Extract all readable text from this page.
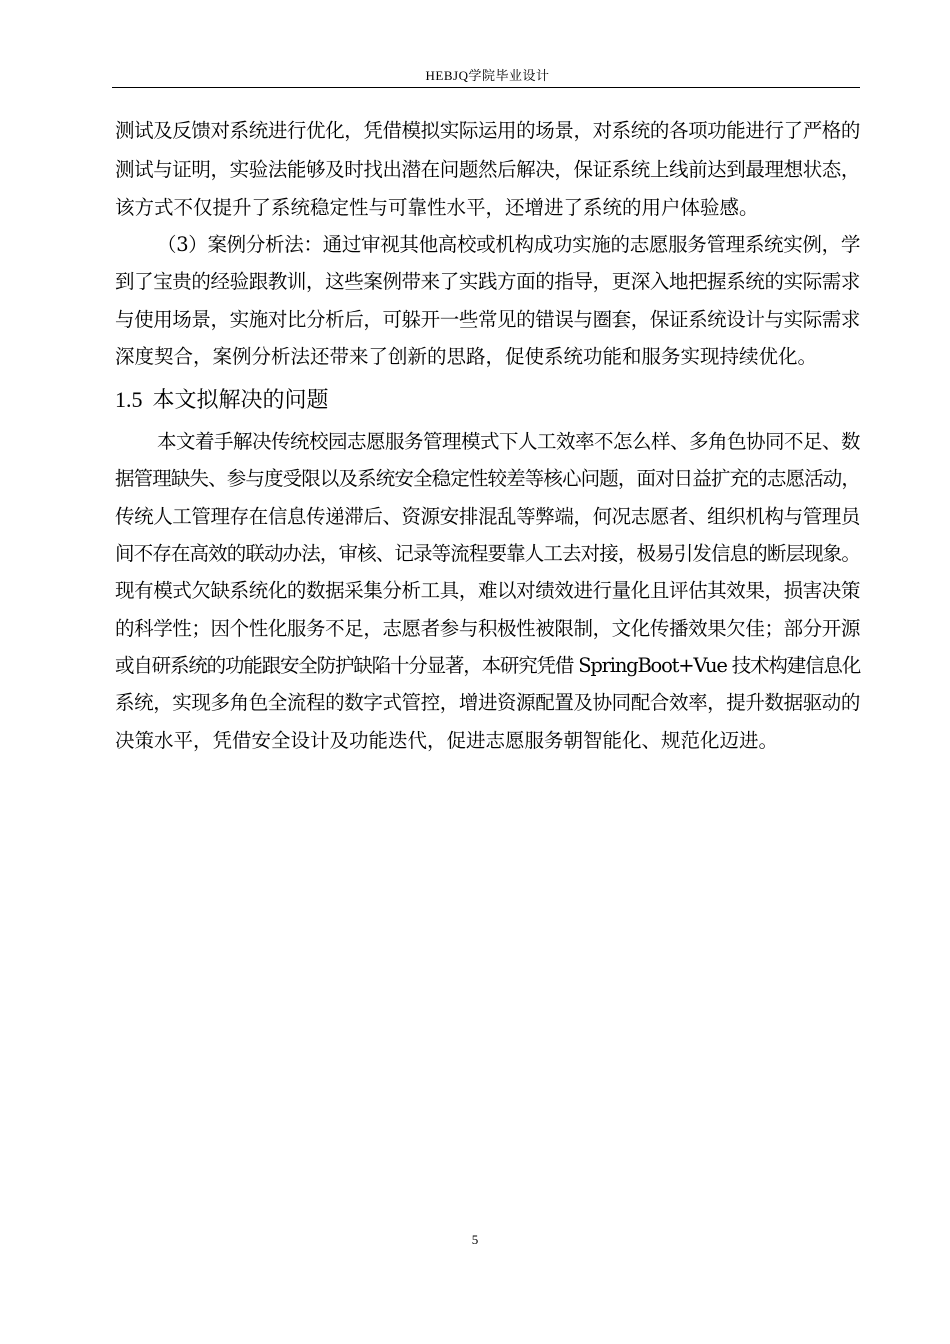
HEBJQ学院毕业设计
测试及反馈对系统进行优化，凭借模拟实际运用的场景，对系统的各项功能进行了严格的
测试与证明，实验法能够及时找出潜在问题然后解决，保证系统上线前达到最理想状态，
该方式不仅提升了系统稳定性与可靠性水平，还增进了系统的用户体验感。
（3）案例分析法：通过审视其他高校或机构成功实施的志愿服务管理系统实例，学
到了宝贵的经验跟教训，这些案例带来了实践方面的指导，更深入地把握系统的实际需求
与使用场景，实施对比分析后，可躲开一些常见的错误与圈套，保证系统设计与实际需求
深度契合，案例分析法还带来了创新的思路，促使系统功能和服务实现持续优化。
1.5 本文拟解决的问题
本文着手解决传统校园志愿服务管理模式下人工效率不怎么样、多角色协同不足、数
据管理缺失、参与度受限以及系统安全稳定性较差等核心问题，面对日益扩充的志愿活动，
传统人工管理存在信息传递滞后、资源安排混乱等弊端，何况志愿者、组织机构与管理员
间不存在高效的联动办法，审核、记录等流程要靠人工去对接，极易引发信息的断层现象。
现有模式欠缺系统化的数据采集分析工具，难以对绩效进行量化且评估其效果，损害决策
的科学性；因个性化服务不足，志愿者参与积极性被限制，文化传播效果欠佳；部分开源
或自研系统的功能跟安全防护缺陷十分显著，本研究凭借 SpringBoot+Vue 技术构建信息化
系统，实现多角色全流程的数字式管控，增进资源配置及协同配合效率，提升数据驱动的
决策水平，凭借安全设计及功能迭代，促进志愿服务朝智能化、规范化迈进。
5
